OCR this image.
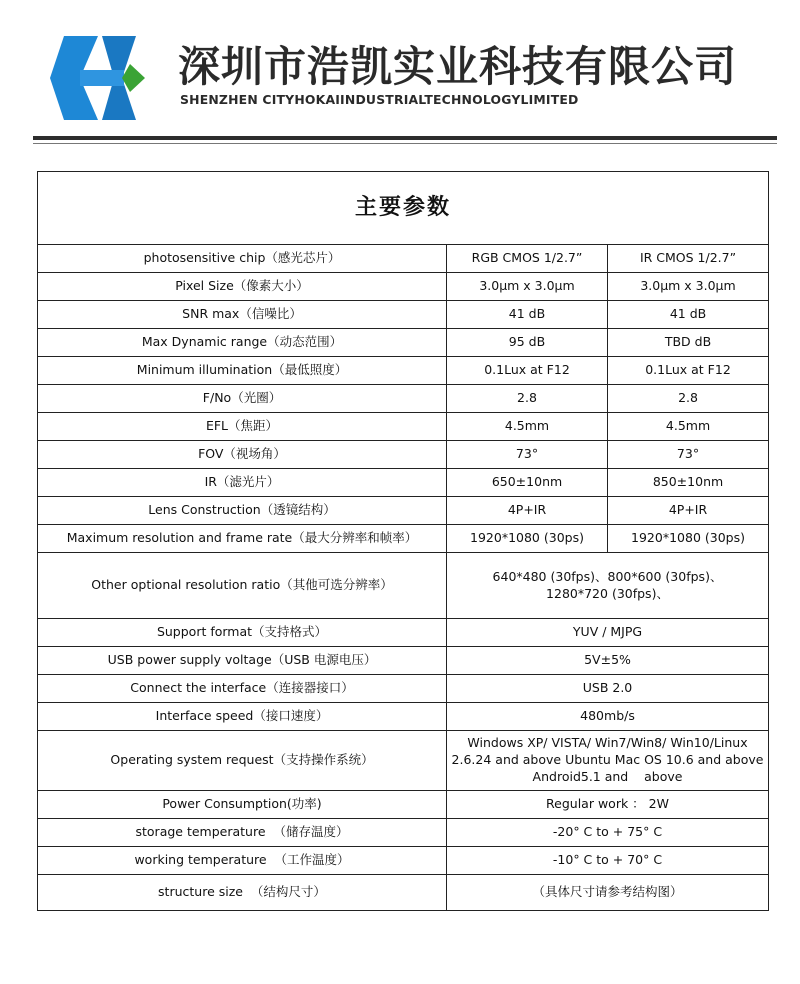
深圳市浩凯实业科技有限公司
SHENZHEN CITYHOKAIINDUSTRIALTECHNOLOGYLIMITED
主要参数		
photosensitive chip（感光芯片）	RGB CMOS 1/2.7”	IR CMOS 1/2.7”
Pixel Size（像素大小）	3.0μm x 3.0μm	3.0μm x 3.0μm
SNR max（信噪比）	41 dB	41 dB
Max Dynamic range（动态范围）	95 dB	TBD dB
Minimum illumination（最低照度）	0.1Lux at F12	0.1Lux at F12
F/No（光圈）	2.8	2.8
EFL（焦距）	4.5mm	4.5mm
FOV（视场角）	73°	73°
IR（滤光片）	650±10nm	850±10nm
Lens Construction（透镜结构）	4P+IR	4P+IR
Maximum resolution and frame rate（最大分辨率和帧率）	1920*1080 (30ps)	1920*1080 (30ps)
Other optional resolution ratio（其他可选分辨率）	640*480 (30fps)、800*600 (30fps)、
1280*720 (30fps)、	

Support format（支持格式）	YUV / MJPG	
USB power supply voltage（USB 电源电压）	5V±5%	
Connect the interface（连接器接口）	USB 2.0	
Interface speed（接口速度）	480mb/s	
Operating system request（支持操作系统）	Windows XP/ VISTA/ Win7/Win8/ Win10/Linux
2.6.24 and above Ubuntu Mac OS 10.6 and above
Android5.1 and    above	

Power Consumption(功率)	Regular work ： 2W	
storage temperature  （储存温度）	-20° C to + 75° C	
working temperature  （工作温度）	-10° C to + 70° C	
structure size  （结构尺寸）	（具体尺寸请参考结构图）	
